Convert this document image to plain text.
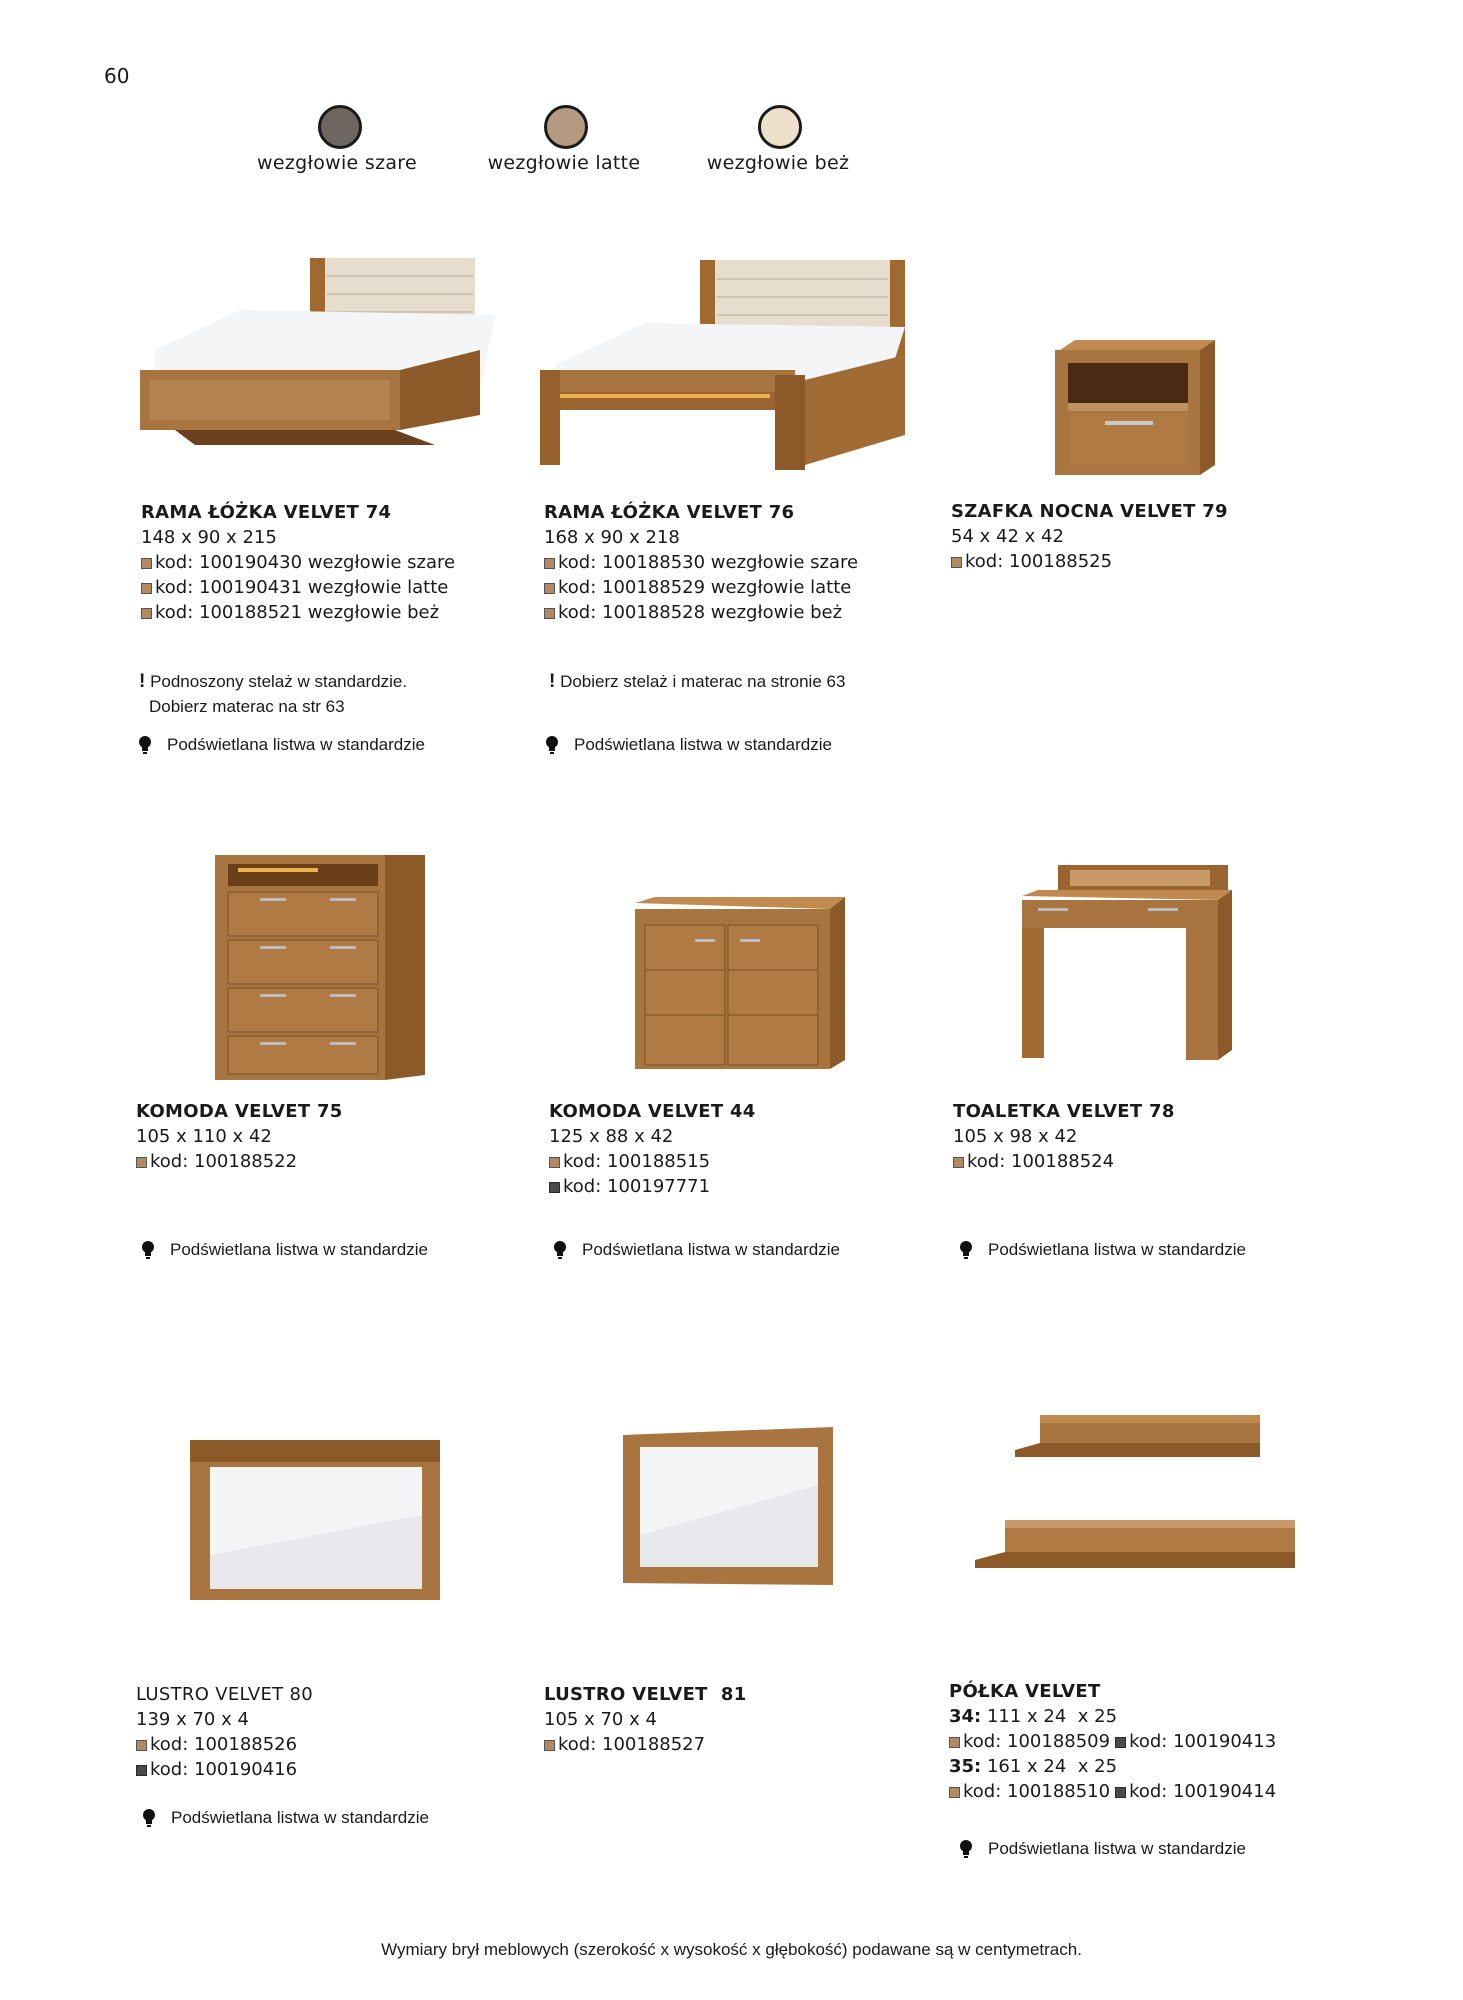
60
wezgłowie szare	wezgłowie latte	wezgłowie beż
RAMA ŁÓŻKA VELVET 74
148 x 90 x 215
kod: 100190430 wezgłowie szare
kod: 100190431 wezgłowie latte
kod: 100188521 wezgłowie beż
! Podnoszony stelaż w standardzie.
Dobierz materac na str 63
Podświetlana listwa w standardzie
RAMA ŁÓŻKA VELVET 76
168 x 90 x 218
kod: 100188530 wezgłowie szare
kod: 100188529 wezgłowie latte
kod: 100188528 wezgłowie beż
! Dobierz stelaż i materac na stronie 63
Podświetlana listwa w standardzie
SZAFKA NOCNA VELVET 79
54 x 42 x 42
kod: 100188525
KOMODA VELVET 75
105 x 110 x 42
kod: 100188522
Podświetlana listwa w standardzie
KOMODA VELVET 44
125 x 88 x 42
kod: 100188515
kod: 100197771
Podświetlana listwa w standardzie
TOALETKA VELVET 78
105 x 98 x 42
kod: 100188524
Podświetlana listwa w standardzie
LUSTRO VELVET 80
139 x 70 x 4
kod: 100188526
kod: 100190416
Podświetlana listwa w standardzie
LUSTRO VELVET  81
105 x 70 x 4
kod: 100188527
PÓŁKA VELVET
34: 111 x 24  x 25
kod: 100188509 kod: 100190413
35: 161 x 24  x 25
kod: 100188510 kod: 100190414
Podświetlana listwa w standardzie
Wymiary brył meblowych (szerokość x wysokość x głębokość) podawane są w centymetrach.
